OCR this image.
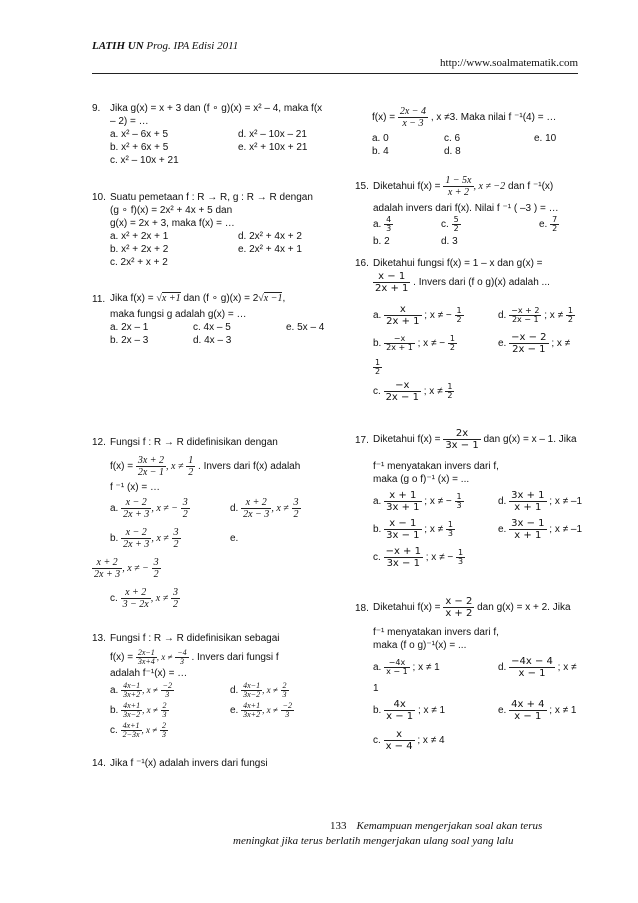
LATIH UN Prog. IPA Edisi 2011
http://www.soalmatematik.com
9. Jika g(x) = x + 3 dan (f ∘ g)(x) = x² – 4, maka f(x
– 2) = …
a. x² – 6x + 5	d. x² – 10x – 21
b. x² + 6x + 5	e. x² + 10x + 21
c. x² – 10x + 21
10. Suatu pemetaan f : R → R, g : R → R dengan
(g ∘ f)(x) = 2x² + 4x + 5 dan
g(x) = 2x + 3, maka f(x) = …
a. x² + 2x + 1	d. 2x² + 4x + 2
b. x² + 2x + 2	e. 2x² + 4x + 1
c. 2x² + x + 2
11. Jika f(x) = √x +1 dan (f ∘ g)(x) = 2√x −1,
maka fungsi g adalah g(x) = …
a. 2x – 1	c. 4x – 5	e. 5x – 4
b. 2x – 3	d. 4x – 3
12. Fungsi f : R → R didefinisikan dengan
$f(x) = \frac{3x + 2}{2x - 1}$ , $x \ne \frac{1}{2}$ . Invers dari f(x) adalah
f ⁻¹ (x) = …
a. $\frac{x - 2}{2x + 3}$ , x ≠ − $\frac{3}{2}$	d. $\frac{x + 2}{2x - 3}$ , $x \ne \frac{3}{2}$
b. $\frac{x - 2}{2x + 3}$ , $x \ne \frac{3}{2}$	e.
$\frac{x + 2}{2x + 3}$ , x ≠ − $\frac{3}{2}$
c. $\frac{x + 2}{3 - 2x}$ , $x \ne \frac{3}{2}$
13. Fungsi f : R → R didefinisikan sebagai
$f(x) = \frac{2x-1}{3x+4}$ , $x \ne \frac{-4}{3}$ . Invers dari fungsi f
adalah f⁻¹(x) = …
a. $\frac{4x-1}{3x+2}$ , $x \ne \frac{-2}{3}$	d. $\frac{4x-1}{3x-2}$ , $x \ne \frac{2}{3}$
b. $\frac{4x+1}{3x-2}$ , $x \ne \frac{2}{3}$	e. $\frac{4x+1}{3x+2}$ , $x \ne \frac{-2}{3}$
c. $\frac{4x+1}{2-3x}$ , $x \ne \frac{2}{3}$
14. Jika f ⁻¹(x) adalah invers dari fungsi
$f(x) = \frac{2x - 4}{x - 3}$ , x ≠3. Maka nilai f ⁻¹(4) = …
a. 0	c. 6	e. 10
b. 4	d. 8
15. Diketahui $f(x) = \frac{1 - 5x}{x + 2}$ , x ≠ −2 dan f ⁻¹(x)
adalah invers dari f(x). Nilai f ⁻¹ ( –3 ) = …
a. $\frac{4}{3}$	c. $\frac{5}{2}$	e. $\frac{7}{2}$
b. 2	d. 3
16. Diketahui fungsi f(x) = 1 – x dan g(x) =
$\frac{x - 1}{2x + 1}$ . Invers dari (f o g)(x) adalah ...
a. $\frac{x}{2x + 1}$ ; x ≠ − $\frac{1}{2}$	d. $\frac{-x + 2}{2x - 1}$ ; $x \ne \frac{1}{2}$
b. $\frac{-x}{2x + 1}$ ; x ≠ − $\frac{1}{2}$	e. $\frac{-x - 2}{2x - 1}$ ; x ≠
$\frac{1}{2}$
c. $\frac{-x}{2x - 1}$ ; $x \ne \frac{1}{2}$
17. Diketahui $f(x) = \frac{2x}{3x - 1}$ dan g(x) = x – 1. Jika
f⁻¹ menyatakan invers dari f,
maka (g o f)⁻¹ (x) = ...
a. $\frac{x + 1}{3x + 1}$ ; x ≠ − $\frac{1}{3}$	d. $\frac{3x + 1}{x + 1}$ ; x ≠ –1
b. $\frac{x - 1}{3x - 1}$ ; $x \ne \frac{1}{3}$	e. $\frac{3x - 1}{x + 1}$ ; x ≠ –1
c. $\frac{-x + 1}{3x - 1}$ ; x ≠ − $\frac{1}{3}$
18. Diketahui $f(x) = \frac{x - 2}{x + 2}$ dan g(x) = x + 2. Jika
f⁻¹ menyatakan invers dari f,
maka (f o g)⁻¹(x) = ...
a. $\frac{-4x}{x - 1}$ ; x ≠ 1	d. $\frac{-4x - 4}{x - 1}$ ; x ≠
1
b. $\frac{4x}{x - 1}$ ; x ≠ 1	e. $\frac{4x + 4}{x - 1}$ ; x ≠ 1
c. $\frac{x}{x - 4}$ ; x ≠ 4
133 Kemampuan mengerjakan soal akan terus
meningkat jika terus berlatih mengerjakan ulang soal yang lalu
